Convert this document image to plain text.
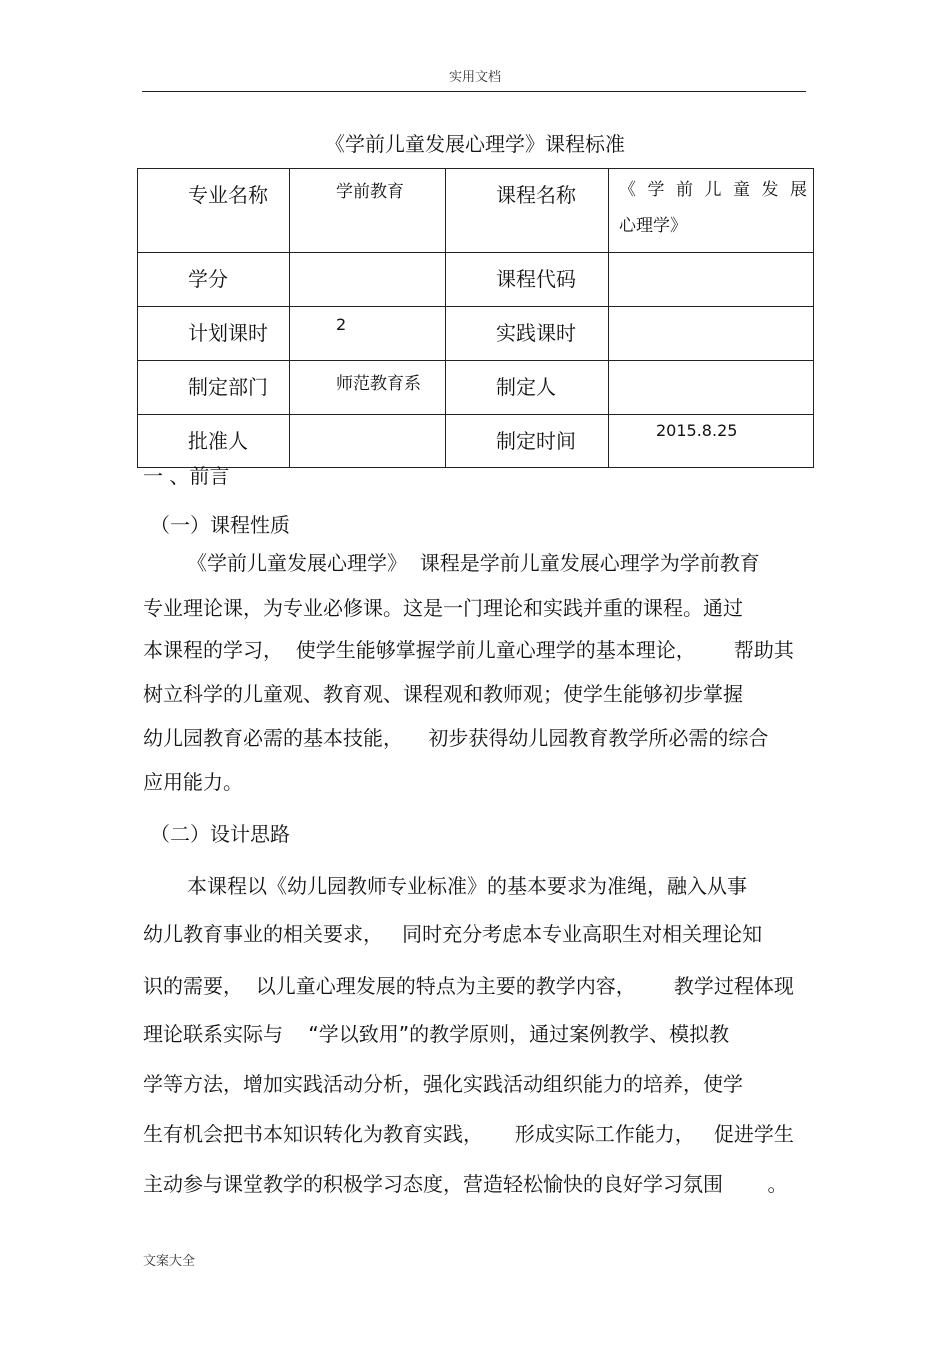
实用文档
《学前儿童发展心理学》课程标准
专业名称	学前教育	课程名称	《学前儿童发展
心理学》

学分		课程代码	
计划课时	2	实践课时	
制定部门	师范教育系	制定人	
批准人		制定时间	2015.8.25
一 、前言
（一）课程性质
《学前儿童发展心理学》  课程是学前儿童发展心理学为学前教育
专业理论课，为专业必修课。这是一门理论和实践并重的课程。通过
本课程的学习，  使学生能够掌握学前儿童心理学的基本理论，      帮助其
树立科学的儿童观、教育观、课程观和教师观；使学生能够初步掌握
幼儿园教育必需的基本技能，    初步获得幼儿园教育教学所必需的综合
应用能力。
（二）设计思路
本课程以《幼儿园教师专业标准》的基本要求为准绳，融入从事
幼儿教育事业的相关要求，   同时充分考虑本专业高职生对相关理论知
识的需要，  以儿童心理发展的特点为主要的教学内容，      教学过程体现
理论联系实际与    “学以致用”的教学原则，通过案例教学、模拟教
学等方法，增加实践活动分析，强化实践活动组织能力的培养，使学
生有机会把书本知识转化为教育实践，     形成实际工作能力，   促进学生
主动参与课堂教学的积极学习态度，营造轻松愉快的良好学习氛围       。
文案大全
